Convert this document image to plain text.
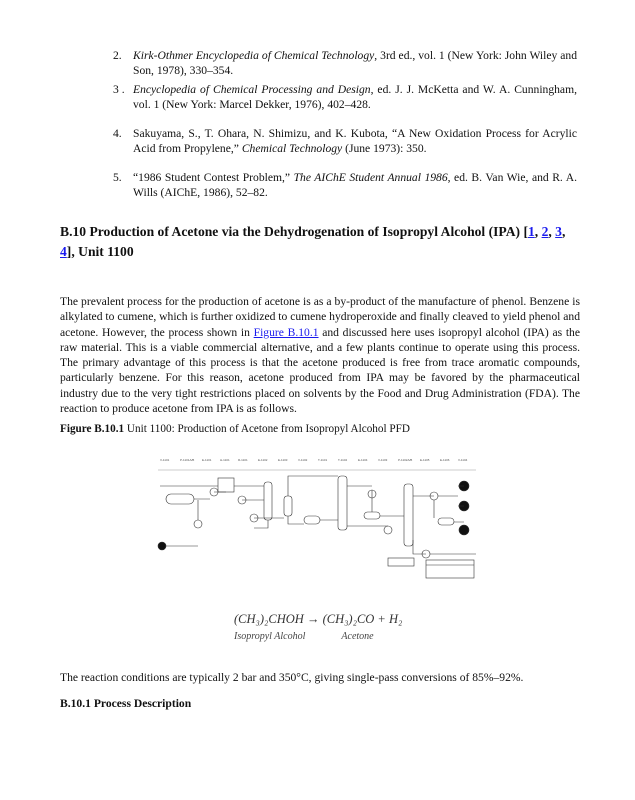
2. Kirk-Othmer Encyclopedia of Chemical Technology, 3rd ed., vol. 1 (New York: John Wiley and Son, 1978), 330–354.
3 . Encyclopedia of Chemical Processing and Design, ed. J. J. McKetta and W. A. Cunningham, vol. 1 (New York: Marcel Dekker, 1976), 402–428.
4. Sakuyama, S., T. Ohara, N. Shimizu, and K. Kubota, “A New Oxidation Process for Acrylic Acid from Propylene,” Chemical Technology (June 1973): 350.
5. “1986 Student Contest Problem,” The AIChE Student Annual 1986, ed. B. Van Wie, and R. A. Wills (AIChE, 1986), 52–82.
B.10 Production of Acetone via the Dehydrogenation of Isopropyl Alcohol (IPA) [1, 2, 3, 4], Unit 1100
The prevalent process for the production of acetone is as a by-product of the manufacture of phenol. Benzene is alkylated to cumene, which is further oxidized to cumene hydroperoxide and finally cleaved to yield phenol and acetone. However, the process shown in Figure B.10.1 and discussed here uses isopropyl alcohol (IPA) as the raw material. This is a viable commercial alternative, and a few plants continue to operate using this process. The primary advantage of this process is that the acetone produced is free from trace aromatic compounds, particularly benzene. For this reason, acetone produced from IPA may be favored by the pharmaceutical industry due to the very tight restrictions placed on solvents by the Food and Drug Administration (FDA). The reaction to produce acetone from IPA is as follows.
Figure B.10.1 Unit 1100: Production of Acetone from Isopropyl Alcohol PFD
V-1101	P-1101A/B	E-1101	H-1101	R-1101	E-1102	E-1103	V-1102	T-1101	T-1102	E-1104	V-1103	P-1102A/B	E-1105	E-1106	V-1104
(CH₃)₂CHOH → (CH₃)₂CO + H₂
Isopropyl Alcohol	Acetone
The reaction conditions are typically 2 bar and 350°C, giving single-pass conversions of 85%–92%.
B.10.1 Process Description
